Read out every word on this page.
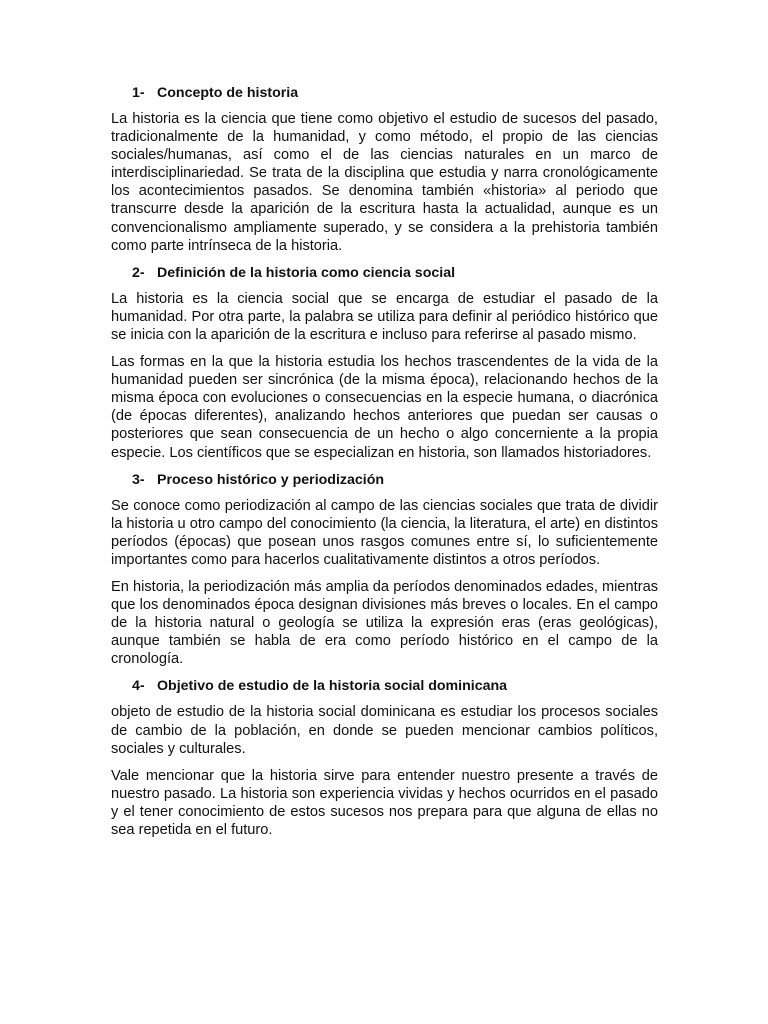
1- Concepto de historia

La historia es la ciencia que tiene como objetivo el estudio de sucesos del pasado, tradicionalmente de la humanidad, y como método, el propio de las ciencias sociales/humanas, así como el de las ciencias naturales en un marco de interdisciplinariedad. Se trata de la disciplina que estudia y narra cronológicamente los acontecimientos pasados. Se denomina también «historia» al periodo que transcurre desde la aparición de la escritura hasta la actualidad, aunque es un convencionalismo ampliamente superado, y se considera a la prehistoria también como parte intrínseca de la historia.

2- Definición de la historia como ciencia social

La historia es la ciencia social que se encarga de estudiar el pasado de la humanidad. Por otra parte, la palabra se utiliza para definir al periódico histórico que se inicia con la aparición de la escritura e incluso para referirse al pasado mismo.

Las formas en la que la historia estudia los hechos trascendentes de la vida de la humanidad pueden ser sincrónica (de la misma época), relacionando hechos de la misma época con evoluciones o consecuencias en la especie humana, o diacrónica (de épocas diferentes), analizando hechos anteriores que puedan ser causas o posteriores que sean consecuencia de un hecho o algo concerniente a la propia especie. Los científicos que se especializan en historia, son llamados historiadores.

3- Proceso histórico y periodización

Se conoce como periodización al campo de las ciencias sociales que trata de dividir la historia u otro campo del conocimiento (la ciencia, la literatura, el arte) en distintos períodos (épocas) que posean unos rasgos comunes entre sí, lo suficientemente importantes como para hacerlos cualitativamente distintos a otros períodos.

En historia, la periodización más amplia da períodos denominados edades, mientras que los denominados época designan divisiones más breves o locales. En el campo de la historia natural o geología se utiliza la expresión eras (eras geológicas), aunque también se habla de era como período histórico en el campo de la cronología.

4- Objetivo de estudio de la historia social dominicana

objeto de estudio de la historia social dominicana es estudiar los procesos sociales de cambio de la población, en donde se pueden mencionar cambios políticos, sociales y culturales.

Vale mencionar que la historia sirve para entender nuestro presente a través de nuestro pasado. La historia son experiencia vividas y hechos ocurridos en el pasado y el tener conocimiento de estos sucesos nos prepara para que alguna de ellas no sea repetida en el futuro.
